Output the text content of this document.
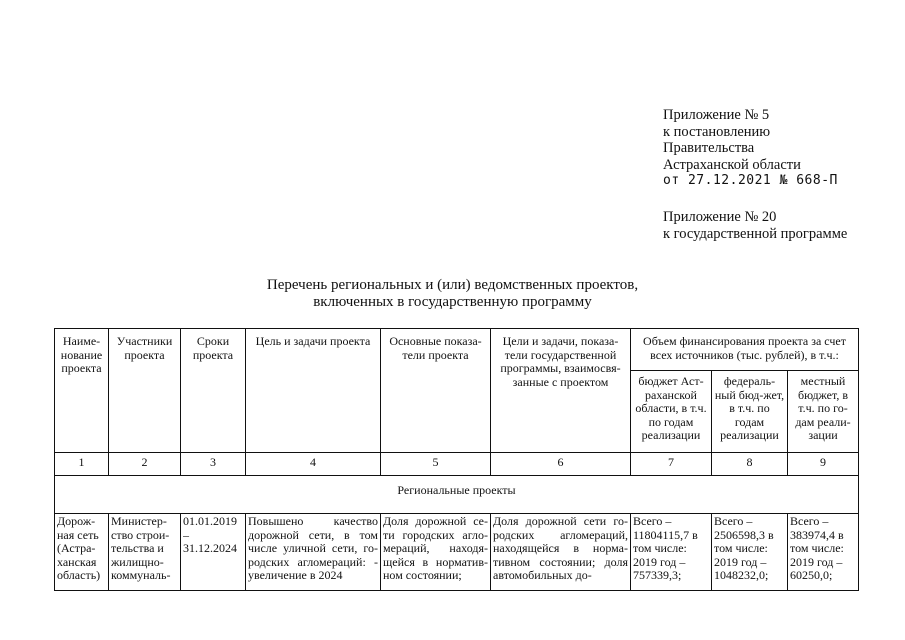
Приложение № 5
к постановлению
Правительства
Астраханской области
от 27.12.2021 № 668-П
Приложение № 20
к государственной программе
Перечень региональных и (или) ведомственных проектов,
включенных в государственную программу
Наиме-нование проекта	Участники проекта	Сроки проекта	Цель и задачи проекта	Основные показа-тели проекта	Цели и задачи, показа-тели государственной программы, взаимосвя-занные с проектом	Объем финансирования проекта за счет всех источников (тыс. рублей), в т.ч.:		
						бюджет Аст-раханской области, в т.ч. по годам реализации	федераль-ный бюд-жет, в т.ч. по годам реализации	местный бюджет, в т.ч. по го-дам реали-зации
1	2	3	4	5	6	7	8	9
Региональные проекты								

Дорож-ная сеть (Астра-ханская область)	Министер-ство строи-тельства и жилищно-коммуналь-	01.01.2019 – 31.12.2024	Повышено качество дорожной сети, в том числе уличной сети, го-родских агломераций: - увеличение в 2024	Доля дорожной се-ти городских агло-мераций, находя-щейся в норматив-ном состоянии;	Доля дорожной сети го-родских агломераций, находящейся в норма-тивном состоянии; доля автомобильных до-	Всего – 11804115,7 в том числе: 2019 год – 757339,3;	Всего – 2506598,3 в том числе: 2019 год – 1048232,0;	Всего – 383974,4 в том числе: 2019 год – 60250,0;
